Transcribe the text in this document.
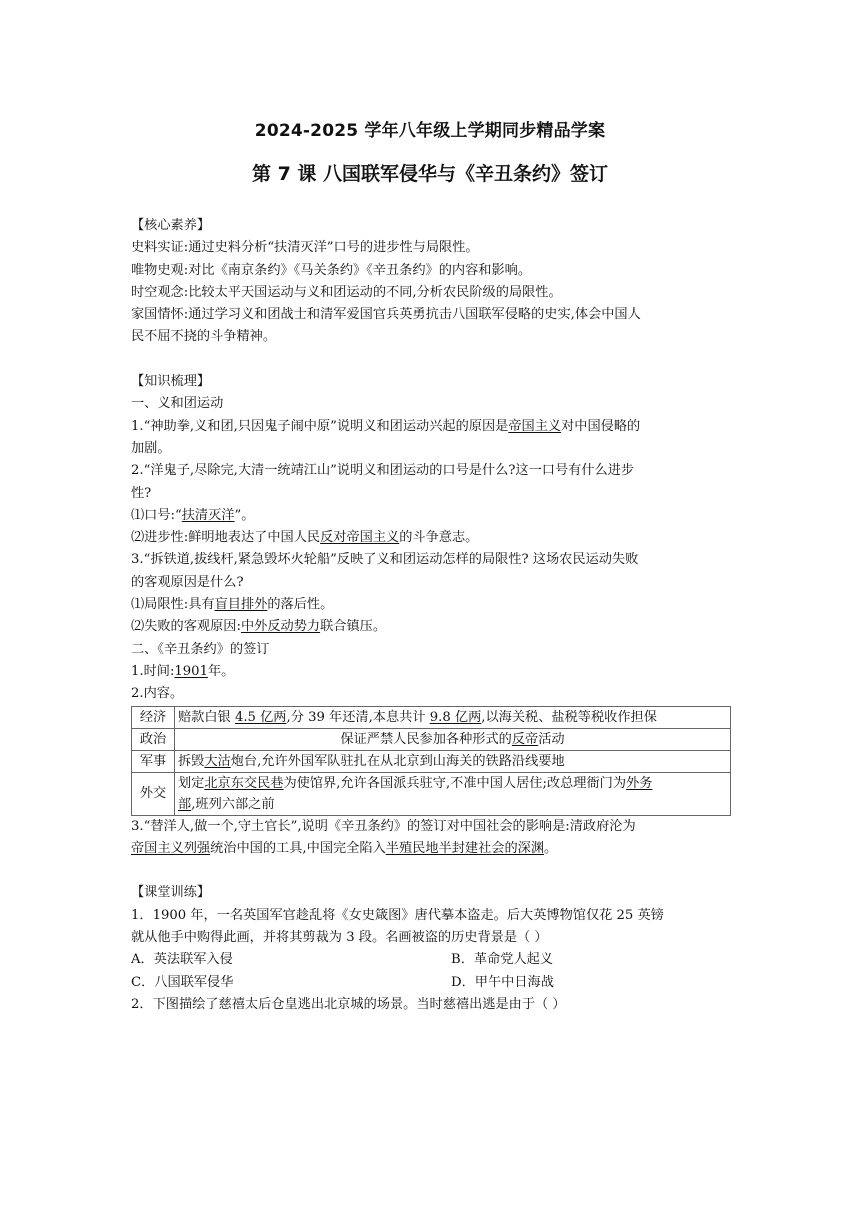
2024-2025 学年八年级上学期同步精品学案
第 7 课 八国联军侵华与《辛丑条约》签订
【核心素养】
史料实证:通过史料分析“扶清灭洋”口号的进步性与局限性。
唯物史观:对比《南京条约》《马关条约》《辛丑条约》的内容和影响。
时空观念:比较太平天国运动与义和团运动的不同,分析农民阶级的局限性。
家国情怀:通过学习义和团战士和清军爱国官兵英勇抗击八国联军侵略的史实,体会中国人
民不屈不挠的斗争精神。
【知识梳理】
一、义和团运动
1.“神助拳,义和团,只因鬼子闹中原”说明义和团运动兴起的原因是帝国主义对中国侵略的
加剧。
2.“洋鬼子,尽除完,大清一统靖江山”说明义和团运动的口号是什么?这一口号有什么进步
性?
⑴口号:“扶清灭洋”。
⑵进步性:鲜明地表达了中国人民反对帝国主义的斗争意志。
3.“拆铁道,拔线杆,紧急毁坏火轮船”反映了义和团运动怎样的局限性? 这场农民运动失败
的客观原因是什么?
⑴局限性:具有盲目排外的落后性。
⑵失败的客观原因:中外反动势力联合镇压。
二、《辛丑条约》的签订
1.时间:1901年。
2.内容。
经济	赔款白银 4.5 亿两,分 39 年还清,本息共计 9.8 亿两,以海关税、盐税等税收作担保
政治	保证严禁人民参加各种形式的反帝活动
军事	拆毁大沽炮台,允许外国军队驻扎在从北京到山海关的铁路沿线要地
外交	划定北京东交民巷为使馆界,允许各国派兵驻守,不准中国人居住;改总理衙门为外务
部,班列六部之前
3.“替洋人,做一个,守土官长”,说明《辛丑条约》的签订对中国社会的影响是:清政府沦为
帝国主义列强统治中国的工具,中国完全陷入半殖民地半封建社会的深渊。
【课堂训练】
1．1900 年，一名英国军官趁乱将《女史箴图》唐代摹本盗走。后大英博物馆仅花 25 英镑
就从他手中购得此画，并将其剪裁为 3 段。名画被盗的历史背景是（ ）
A．英法联军入侵	B．革命党人起义
C．八国联军侵华	D．甲午中日海战
2．下图描绘了慈禧太后仓皇逃出北京城的场景。当时慈禧出逃是由于（ ）
